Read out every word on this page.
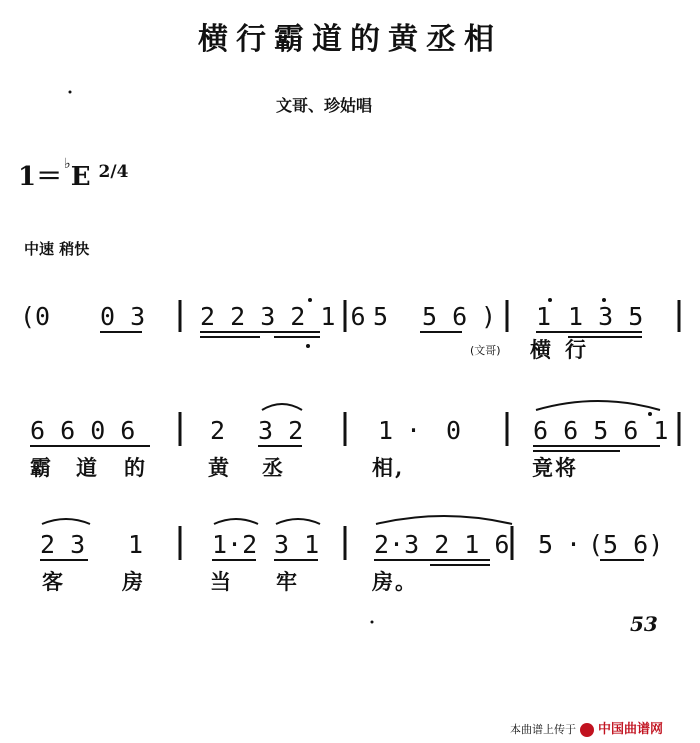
横行霸道的黄丞相
文哥、珍姑唱
1＝ ♭E $^{2/4}$
中速 稍快
(0 0 3 2 2 3 2 1 6 5 5 6 ) 1 1 3 5
(文哥) 横 行
6 6 0 6	2 3 2	1 · 0	6 6 5 6 1
霸 道 的	黄 丞	相,	竟将
2 3 1	1·2 3 1 2·3 2 1 6 5 · (5 6)
客	房	当 牢	房。
53
本曲谱上传于 中国曲谱网
